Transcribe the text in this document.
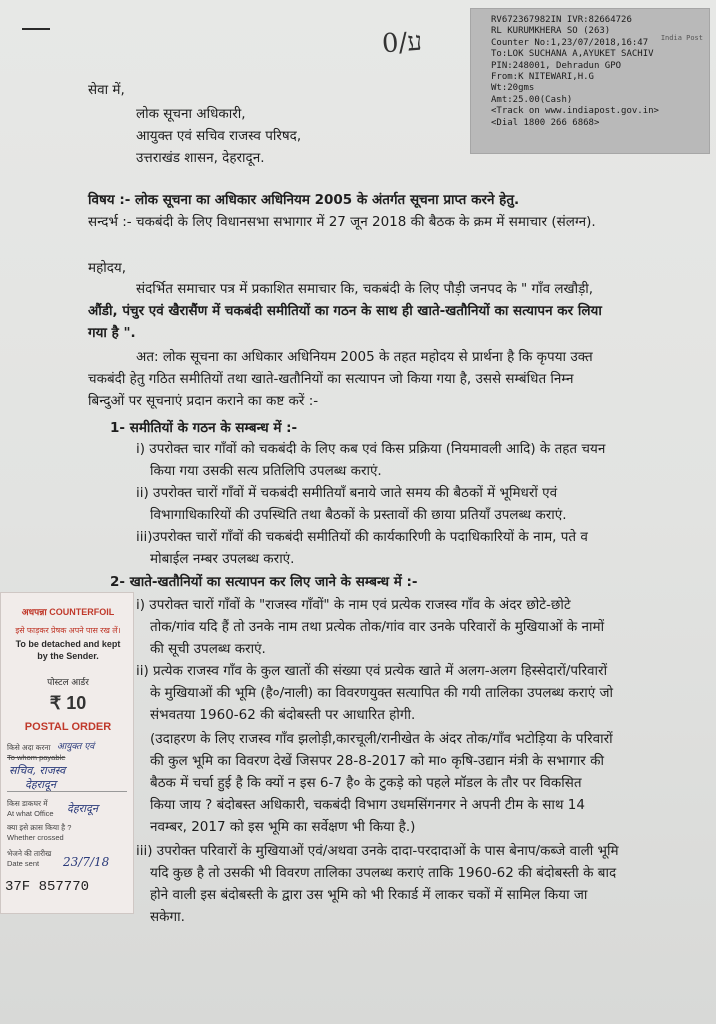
0/ע	India Post
RV672367982IN IVR:82664726
RL KURUMKHERA SO (263)
Counter No:1,23/07/2018,16:47
To:LOK SUCHANA A,AYUKET SACHIV
PIN:248001, Dehradun GPO
From:K NITEWARI,H.G
Wt:20gms
Amt:25.00(Cash)
<Track on www.indiapost.gov.in>
<Dial 1800 266 6868>
सेवा में,
लोक सूचना अधिकारी,
आयुक्त एवं सचिव राजस्व परिषद,
उत्तराखंड शासन, देहरादून.
विषय :- लोक सूचना का अधिकार अधिनियम 2005 के अंतर्गत सूचना प्राप्त करने हेतु.
सन्दर्भ :- चकबंदी के लिए विधानसभा सभागार में 27 जून 2018 की बैठक के क्रम में समाचार (संलग्न).
महोदय,
संदर्भित समाचार पत्र में प्रकाशित समाचार कि, चकबंदी के लिए पौड़ी जनपद के " गाँव लखौड़ी,
औंडी, पंचुर एवं खैरासैंण में चकबंदी समीतियों का गठन के साथ ही खाते-खतौनियों का सत्यापन कर लिया
गया है ".
अत: लोक सूचना का अधिकार अधिनियम 2005 के तहत महोदय से प्रार्थना है कि कृपया उक्त
चकबंदी हेतु गठित समीतियों तथा खाते-खतौनियों का सत्यापन जो किया गया है, उससे सम्बंधित निम्न
बिन्दुओं पर सूचनाएं प्रदान कराने का कष्ट करें :-
1- समीतियों के गठन के सम्बन्ध में :-
i) उपरोक्त चार गाँवों को चकबंदी के लिए कब एवं किस प्रक्रिया (नियमावली आदि) के तहत चयन
किया गया उसकी सत्य प्रतिलिपि उपलब्ध कराएं.
ii) उपरोक्त चारों गाँवों में चकबंदी समीतियाँ बनाये जाते समय की बैठकों में भूमिधरों एवं
विभागाधिकारियों की उपस्थिति तथा बैठकों के प्रस्तावों की छाया प्रतियाँ उपलब्ध कराएं.
iii)उपरोक्त चारों गाँवों की चकबंदी समीतियों की कार्यकारिणी के पदाधिकारियों के नाम, पते व
मोबाईल नम्बर उपलब्ध कराएं.
2- खाते-खतौनियों का सत्यापन कर लिए जाने के सम्बन्ध में :-
i) उपरोक्त चारों गाँवों के "राजस्व गाँवों" के नाम एवं प्रत्येक राजस्व गाँव के अंदर छोटे-छोटे
तोक/गांव यदि हैं तो उनके नाम तथा प्रत्येक तोक/गांव वार उनके परिवारों के मुखियाओं के नामों
की सूची उपलब्ध कराएं.
ii) प्रत्येक राजस्व गाँव के कुल खातों की संख्या एवं प्रत्येक खाते में अलग-अलग हिस्सेदारों/परिवारों
के मुखियाओं की भूमि (है०/नाली) का विवरणयुक्त सत्यापित की गयी तालिका उपलब्ध कराएं जो
संभवतया 1960-62 की बंदोबस्ती पर आधारित होगी.
(उदाहरण के लिए राजस्व गाँव झलोड़ी,कारचूली/रानीखेत के अंदर तोक/गाँव भटोड़िया के परिवारों
की कुल भूमि का विवरण देखें जिसपर 28-8-2017 को मा० कृषि-उद्यान मंत्री के सभागार की
बैठक में चर्चा हुई है कि क्यों न इस 6-7 है० के टुकड़े को पहले मॉडल के तौर पर विकसित
किया जाय ? बंदोबस्त अधिकारी, चकबंदी विभाग उधमसिंगनगर ने अपनी टीम के साथ 14
नवम्बर, 2017 को इस भूमि का सर्वेक्षण भी किया है.)
iii) उपरोक्त परिवारों के मुखियाओं एवं/अथवा उनके दादा-परदादाओं के पास बेनाप/कब्जे वाली भूमि
यदि कुछ है तो उसकी भी विवरण तालिका उपलब्ध कराएं ताकि 1960-62 की बंदोबस्ती के बाद
होने वाली इस बंदोबस्ती के द्वारा उस भूमि को भी रिकार्ड में लाकर चकों में सामिल किया जा
सकेगा.
अधपन्ना COUNTERFOIL
इसे फाड़कर प्रेषक अपने पास रख लें।
To be detached and kept
by the Sender.
पोस्टल आर्डर
₹ 10
POSTAL ORDER
किसे अदा करना आयुक्त एवं
To whom payable
सचिव, राजस्व
देहरादून
किस डाकघर में
At what Office देहरादून
क्या इसे क्रास किया है ?
Whether crossed
भेजने की तारीख
Date sent 23/7/18
37F 857770
